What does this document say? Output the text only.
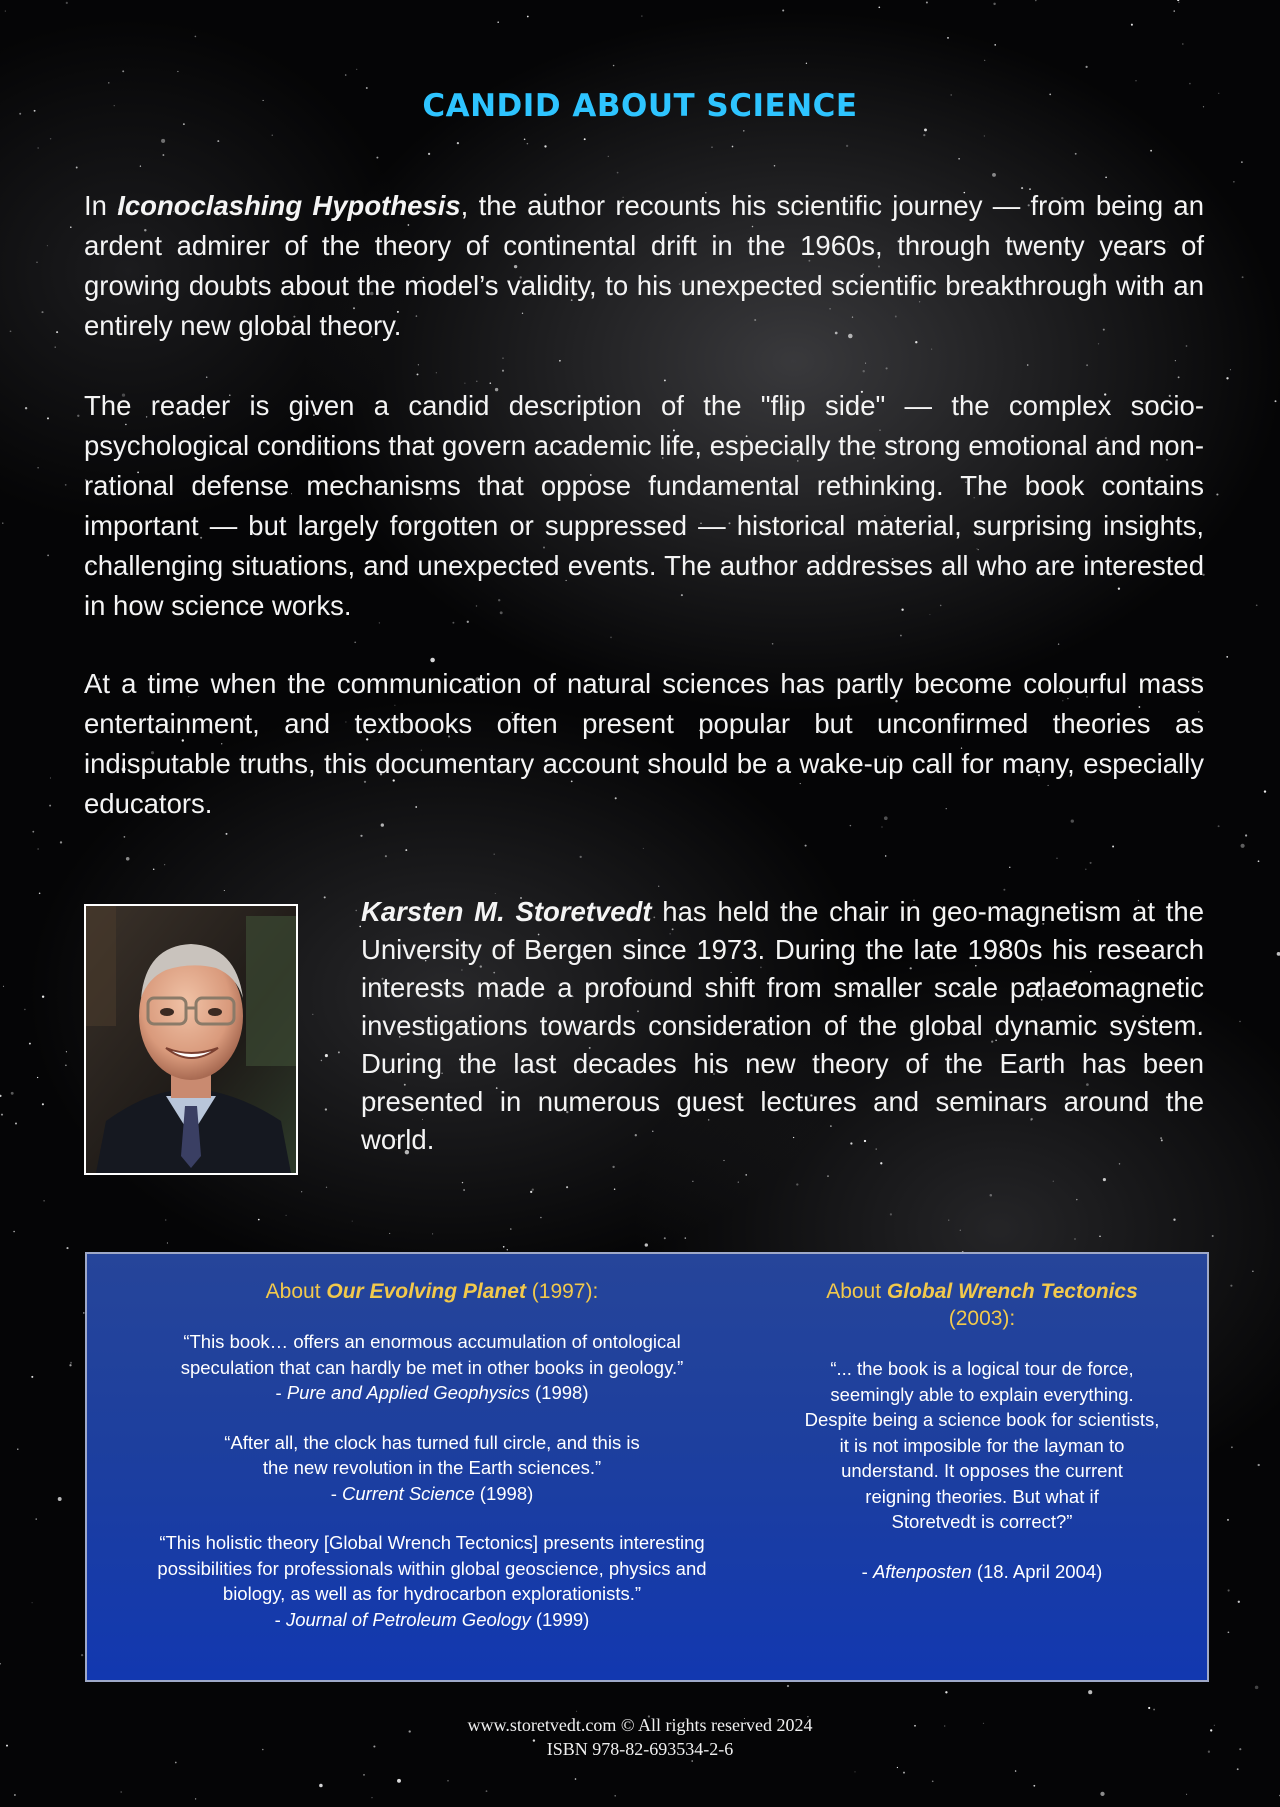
CANDID ABOUT SCIENCE

In Iconoclashing Hypothesis, the author recounts his scientific journey — from being an ardent admirer of the theory of continental drift in the 1960s, through twenty years of growing doubts about the model’s validity, to his unexpected scientific breakthrough with an entirely new global theory.

The reader is given a candid description of the "flip side" — the complex socio-psychological conditions that govern academic life, especially the strong emotional and non-rational defense mechanisms that oppose fundamental rethinking. The book contains important — but largely forgotten or suppressed — historical material, surprising insights, challenging situations, and unexpected events. The author addresses all who are interested in how science works.

At a time when the communication of natural sciences has partly become colourful mass entertainment, and textbooks often present popular but unconfirmed theories as indisputable truths, this documentary account should be a wake-up call for many, especially educators.

Karsten M. Storetvedt has held the chair in geo-magnetism at the University of Bergen since 1973. During the late 1980s his research interests made a profound shift from smaller scale palaeomagnetic investigations towards consideration of the global dynamic system. During the last decades his new theory of the Earth has been presented in numerous guest lectures and seminars around the world.

About Our Evolving Planet (1997):
“This book… offers an enormous accumulation of ontological
speculation that can hardly be met in other books in geology.”
- Pure and Applied Geophysics (1998)
“After all, the clock has turned full circle, and this is
the new revolution in the Earth sciences.”
- Current Science (1998)
“This holistic theory [Global Wrench Tectonics] presents interesting
possibilities for professionals within global geoscience, physics and
biology, as well as for hydrocarbon explorationists.”
- Journal of Petroleum Geology (1999)
About Global Wrench Tectonics
(2003):
“... the book is a logical tour de force,
seemingly able to explain everything.
Despite being a science book for scientists,
it is not imposible for the layman to
understand. It opposes the current
reigning theories. But what if
Storetvedt is correct?”
- Aftenposten (18. April 2004)
www.storetvedt.com © All rights reserved 2024
ISBN 978-82-693534-2-6
